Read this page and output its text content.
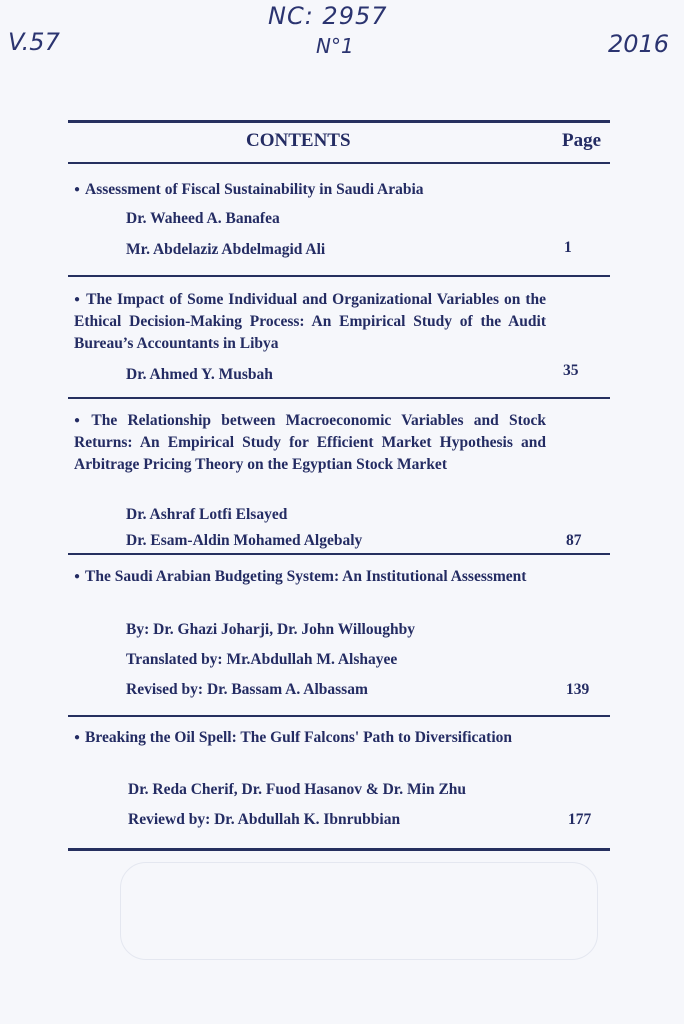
NC: 2957
N°1
V.57	2016
CONTENTS	Page
● Assessment of Fiscal Sustainability in Saudi Arabia
Dr. Waheed A. Banafea
Mr. Abdelaziz Abdelmagid Ali	1
● The Impact of Some Individual and Organizational Variables on the Ethical Decision-Making Process: An Empirical Study of the Audit Bureau’s Accountants in Libya
Dr. Ahmed Y. Musbah	35
● The Relationship between Macroeconomic Variables and Stock Returns: An Empirical Study for Efficient Market Hypothesis and Arbitrage Pricing Theory on the Egyptian Stock Market
Dr. Ashraf Lotfi Elsayed
Dr. Esam-Aldin Mohamed Algebaly	87
● The Saudi Arabian Budgeting System: An Institutional Assessment
By: Dr. Ghazi Joharji, Dr. John Willoughby
Translated by: Mr.Abdullah M. Alshayee
Revised by: Dr. Bassam A. Albassam	139
● Breaking the Oil Spell: The Gulf Falcons' Path to Diversification
Dr. Reda Cherif, Dr. Fuod Hasanov & Dr. Min Zhu
Reviewd by: Dr. Abdullah K. Ibnrubbian	177
